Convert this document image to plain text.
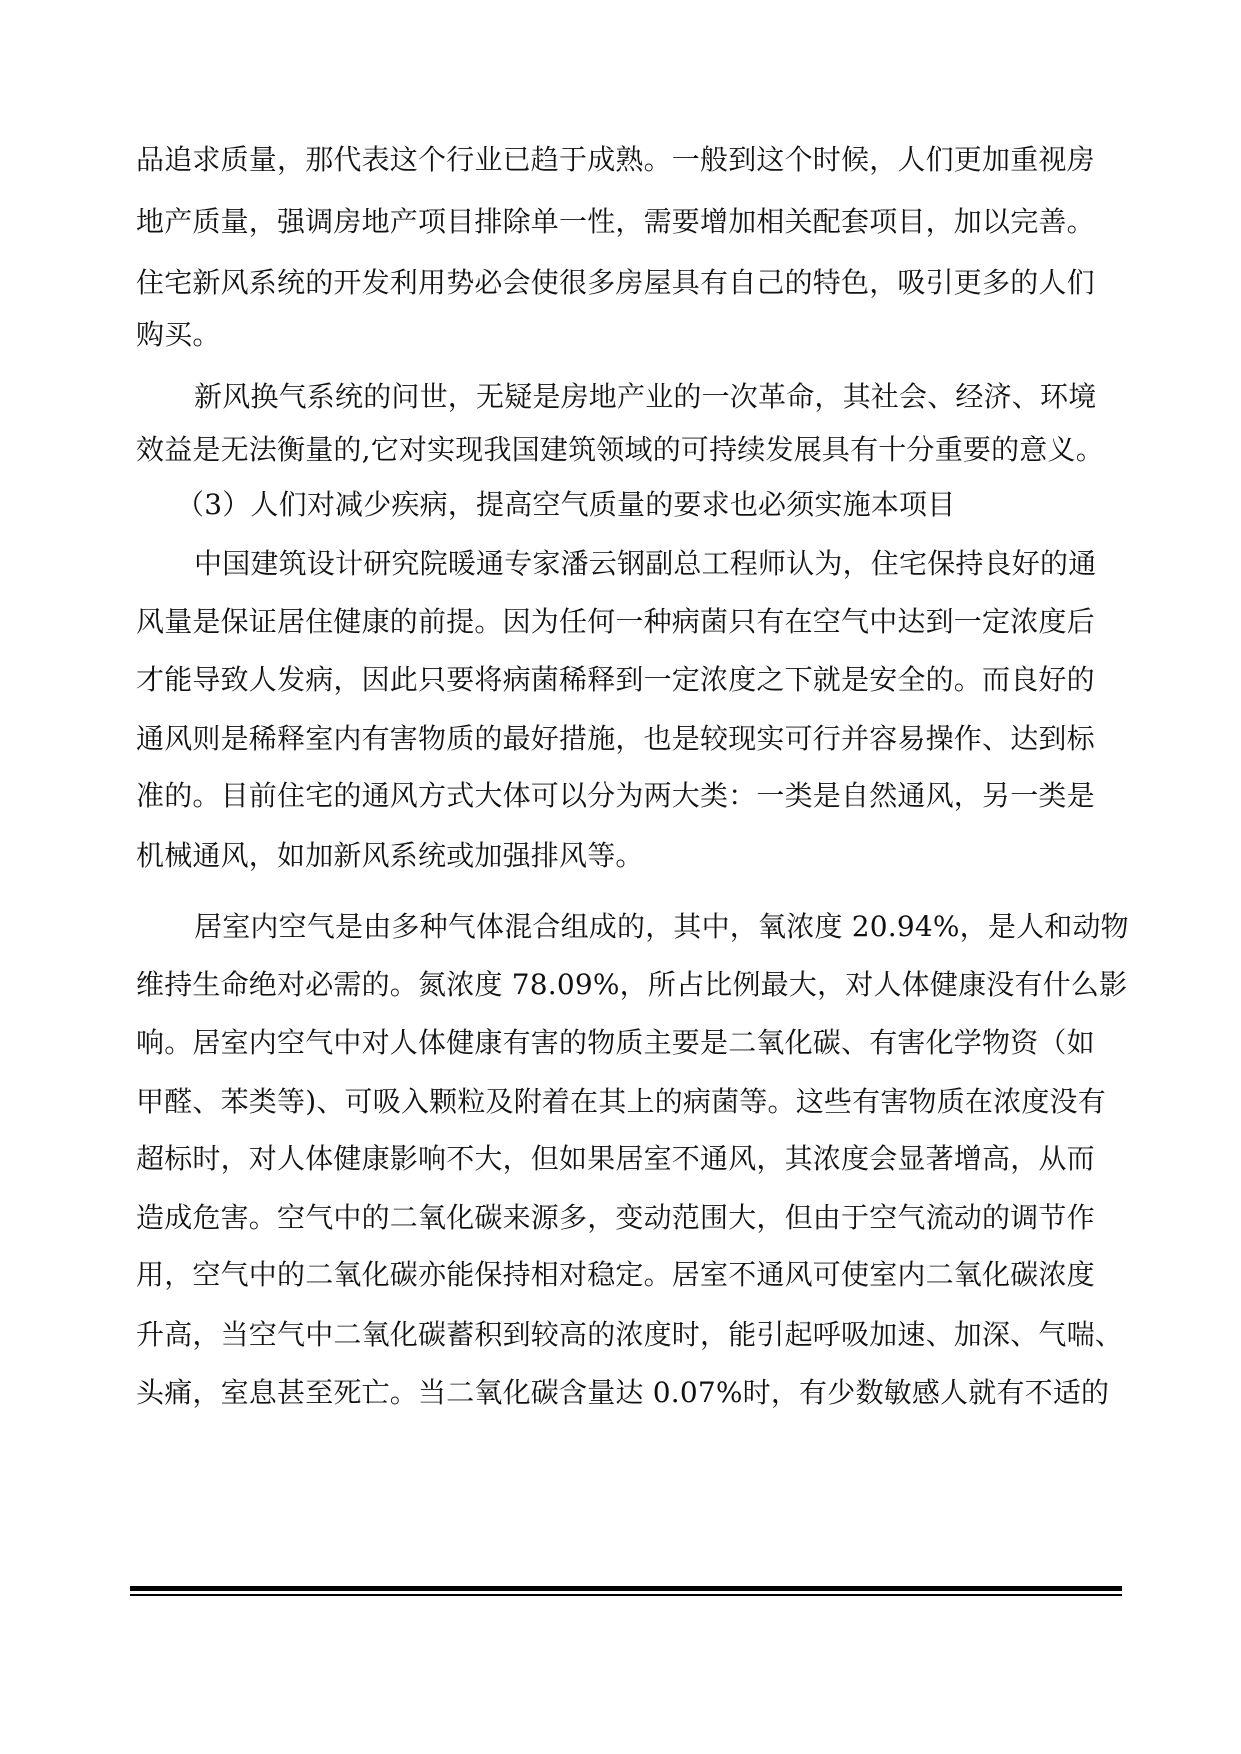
品追求质量，那代表这个行业已趋于成熟。一般到这个时候，人们更加重视房
地产质量，强调房地产项目排除单一性，需要增加相关配套项目，加以完善。
住宅新风系统的开发利用势必会使很多房屋具有自己的特色，吸引更多的人们
购买。
新风换气系统的问世，无疑是房地产业的一次革命，其社会、经济、环境
效益是无法衡量的,它对实现我国建筑领域的可持续发展具有十分重要的意义。
（3）人们对减少疾病，提高空气质量的要求也必须实施本项目
中国建筑设计研究院暖通专家潘云钢副总工程师认为，住宅保持良好的通
风量是保证居住健康的前提。因为任何一种病菌只有在空气中达到一定浓度后
才能导致人发病，因此只要将病菌稀释到一定浓度之下就是安全的。而良好的
通风则是稀释室内有害物质的最好措施，也是较现实可行并容易操作、达到标
准的。目前住宅的通风方式大体可以分为两大类：一类是自然通风，另一类是
机械通风，如加新风系统或加强排风等。
居室内空气是由多种气体混合组成的，其中，氧浓度 20.94%，是人和动物
维持生命绝对必需的。氮浓度 78.09%，所占比例最大，对人体健康没有什么影
响。居室内空气中对人体健康有害的物质主要是二氧化碳、有害化学物资（如
甲醛、苯类等)、可吸入颗粒及附着在其上的病菌等。这些有害物质在浓度没有
超标时，对人体健康影响不大，但如果居室不通风，其浓度会显著增高，从而
造成危害。空气中的二氧化碳来源多，变动范围大，但由于空气流动的调节作
用，空气中的二氧化碳亦能保持相对稳定。居室不通风可使室内二氧化碳浓度
升高，当空气中二氧化碳蓄积到较高的浓度时，能引起呼吸加速、加深、气喘、
头痛，室息甚至死亡。当二氧化碳含量达 0.07%时，有少数敏感人就有不适的
